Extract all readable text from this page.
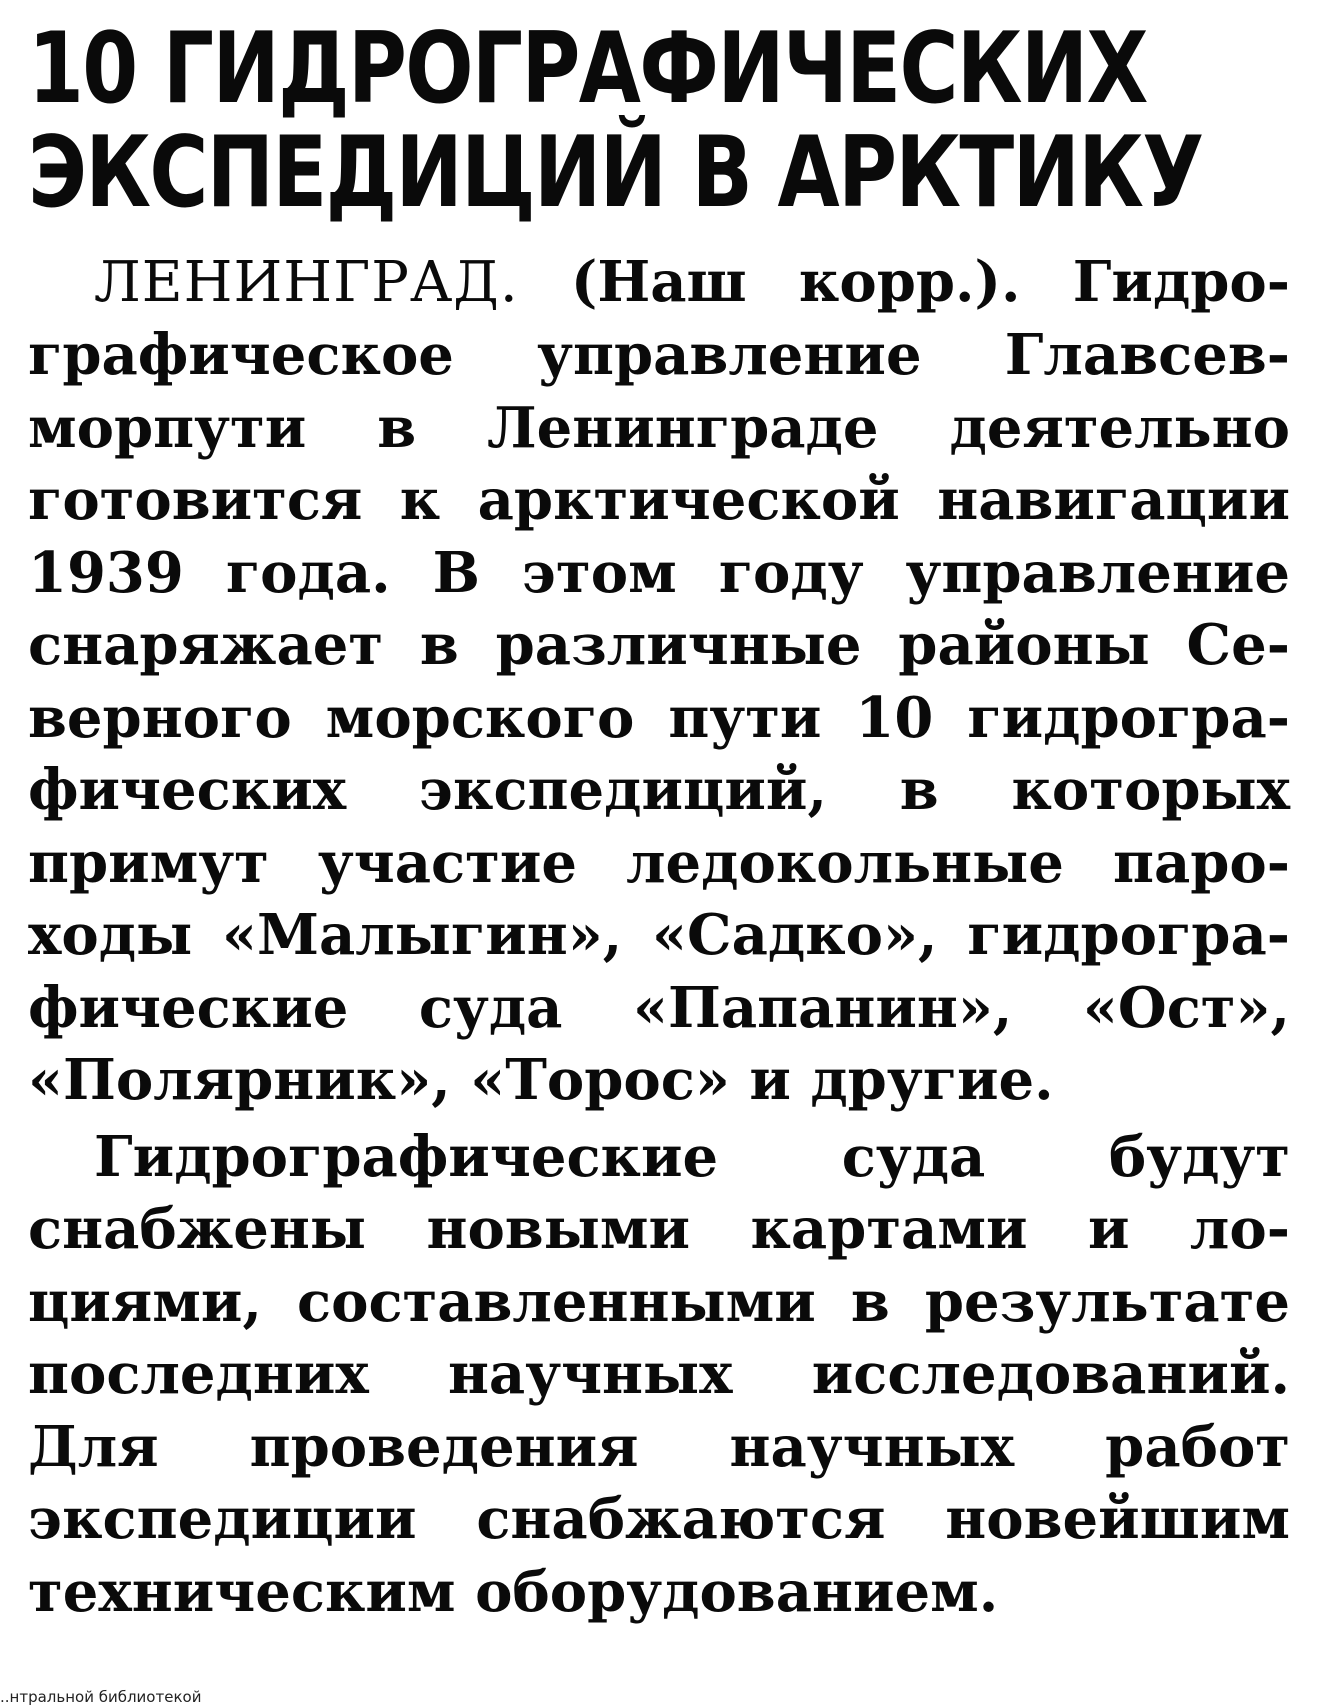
10 ГИДРОГРАФИЧЕСКИХ
ЭКСПЕДИЦИЙ В АРКТИКУ

ЛЕНИНГРАД. (Наш корр.). Гидрографическое управление Главсевморпути в Ленинграде деятельно готовится к арктической навигации 1939 года. В этом году управление снаряжает в различные районы Северного морского пути 10 гидрографических экспедиций, в которых примут участие ледокольные пароходы «Малыгин», «Садко», гидрографические суда «Папанин», «Ост», «Полярник», «Торос» и другие.

Гидрографические суда будут снабжены новыми картами и лоциями, составленными в результате последних научных исследований. Для проведения научных работ экспедиции снабжаются новейшим техническим оборудованием.

..нтральной библиотекой
